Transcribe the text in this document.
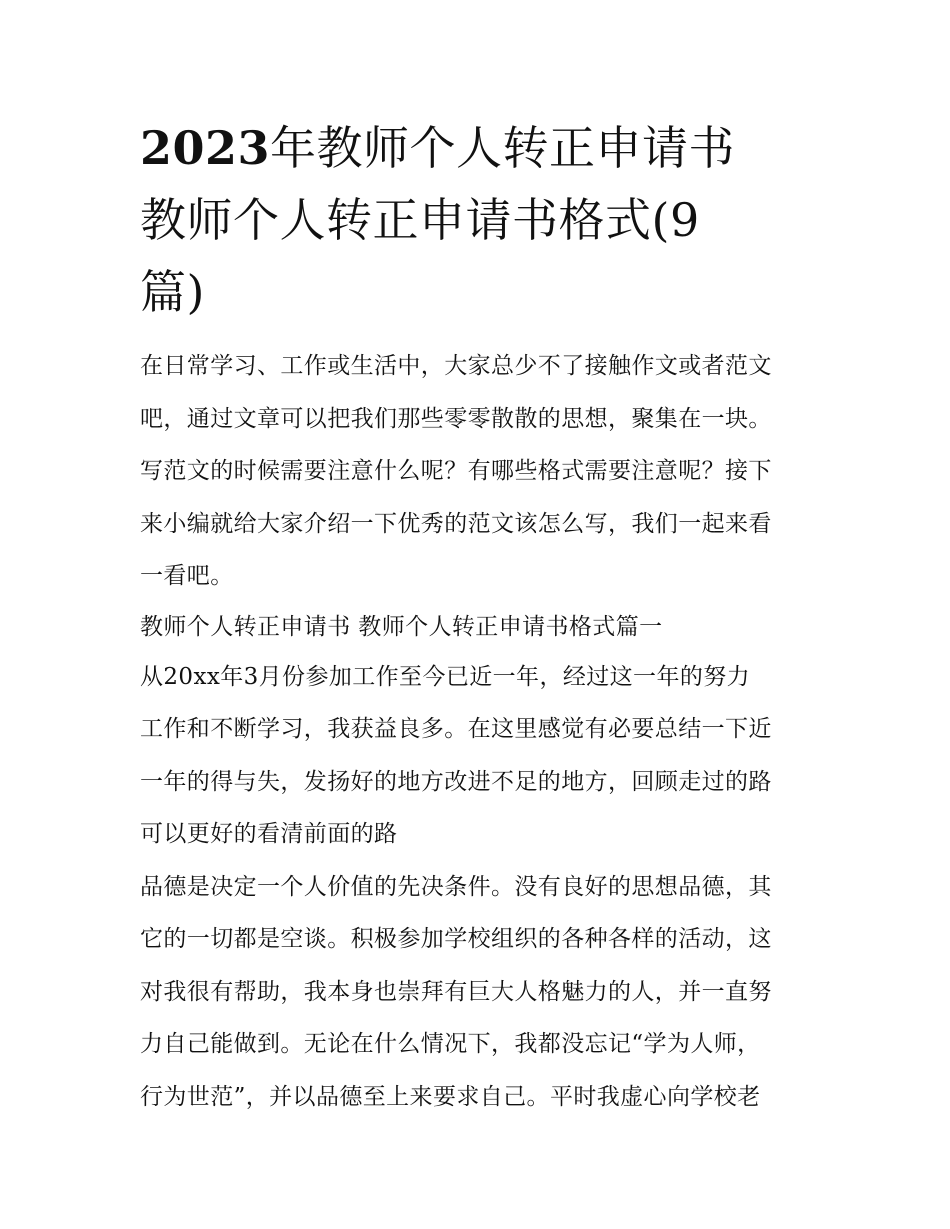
2023年教师个人转正申请书

教师个人转正申请书格式(9

篇)

在日常学习、工作或生活中，大家总少不了接触作文或者范文
吧，通过文章可以把我们那些零零散散的思想，聚集在一块。
写范文的时候需要注意什么呢？有哪些格式需要注意呢？接下
来小编就给大家介绍一下优秀的范文该怎么写，我们一起来看
一看吧。
教师个人转正申请书 教师个人转正申请书格式篇一
从20xx年3月份参加工作至今已近一年，经过这一年的努力
工作和不断学习，我获益良多。在这里感觉有必要总结一下近
一年的得与失，发扬好的地方改进不足的地方，回顾走过的路
可以更好的看清前面的路
品德是决定一个人价值的先决条件。没有良好的思想品德，其
它的一切都是空谈。积极参加学校组织的各种各样的活动，这
对我很有帮助，我本身也崇拜有巨大人格魅力的人，并一直努
力自己能做到。无论在什么情况下，我都没忘记“学为人师，
行为世范”，并以品德至上来要求自己。平时我虚心向学校老
